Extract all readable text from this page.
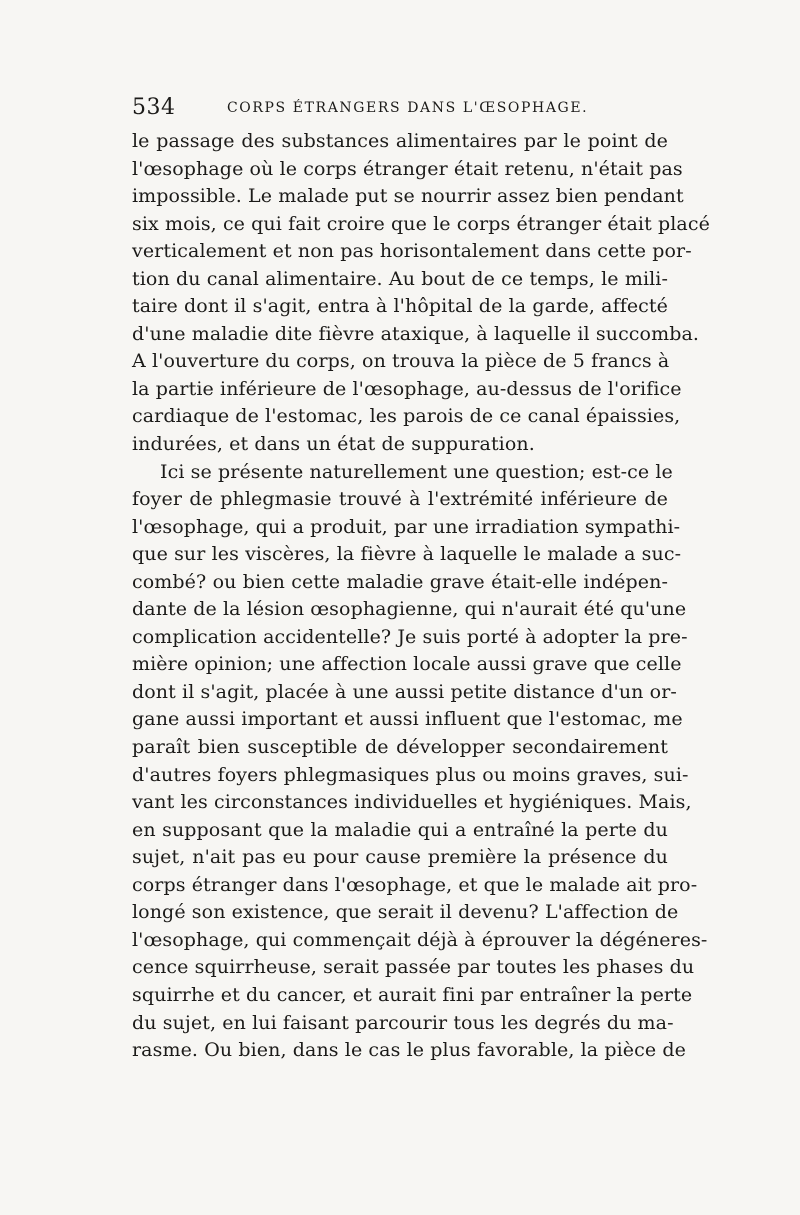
534	CORPS ÉTRANGERS DANS L'ŒSOPHAGE.
le passage des substances alimentaires par le point de
l'œsophage où le corps étranger était retenu, n'était pas
impossible. Le malade put se nourrir assez bien pendant
six mois, ce qui fait croire que le corps étranger était placé
verticalement et non pas horisontalement dans cette por-
tion du canal alimentaire. Au bout de ce temps, le mili-
taire dont il s'agit, entra à l'hôpital de la garde, affecté
d'une maladie dite fièvre ataxique, à laquelle il succomba.
A l'ouverture du corps, on trouva la pièce de 5 francs à
la partie inférieure de l'œsophage, au-dessus de l'orifice
cardiaque de l'estomac, les parois de ce canal épaissies,
indurées, et dans un état de suppuration.
Ici se présente naturellement une question; est-ce le
foyer de phlegmasie trouvé à l'extrémité inférieure de
l'œsophage, qui a produit, par une irradiation sympathi-
que sur les viscères, la fièvre à laquelle le malade a suc-
combé? ou bien cette maladie grave était-elle indépen-
dante de la lésion œsophagienne, qui n'aurait été qu'une
complication accidentelle? Je suis porté à adopter la pre-
mière opinion; une affection locale aussi grave que celle
dont il s'agit, placée à une aussi petite distance d'un or-
gane aussi important et aussi influent que l'estomac, me
paraît bien susceptible de développer secondairement
d'autres foyers phlegmasiques plus ou moins graves, sui-
vant les circonstances individuelles et hygiéniques. Mais,
en supposant que la maladie qui a entraîné la perte du
sujet, n'ait pas eu pour cause première la présence du
corps étranger dans l'œsophage, et que le malade ait pro-
longé son existence, que serait il devenu? L'affection de
l'œsophage, qui commençait déjà à éprouver la dégéneres-
cence squirrheuse, serait passée par toutes les phases du
squirrhe et du cancer, et aurait fini par entraîner la perte
du sujet, en lui faisant parcourir tous les degrés du ma-
rasme. Ou bien, dans le cas le plus favorable, la pièce de
